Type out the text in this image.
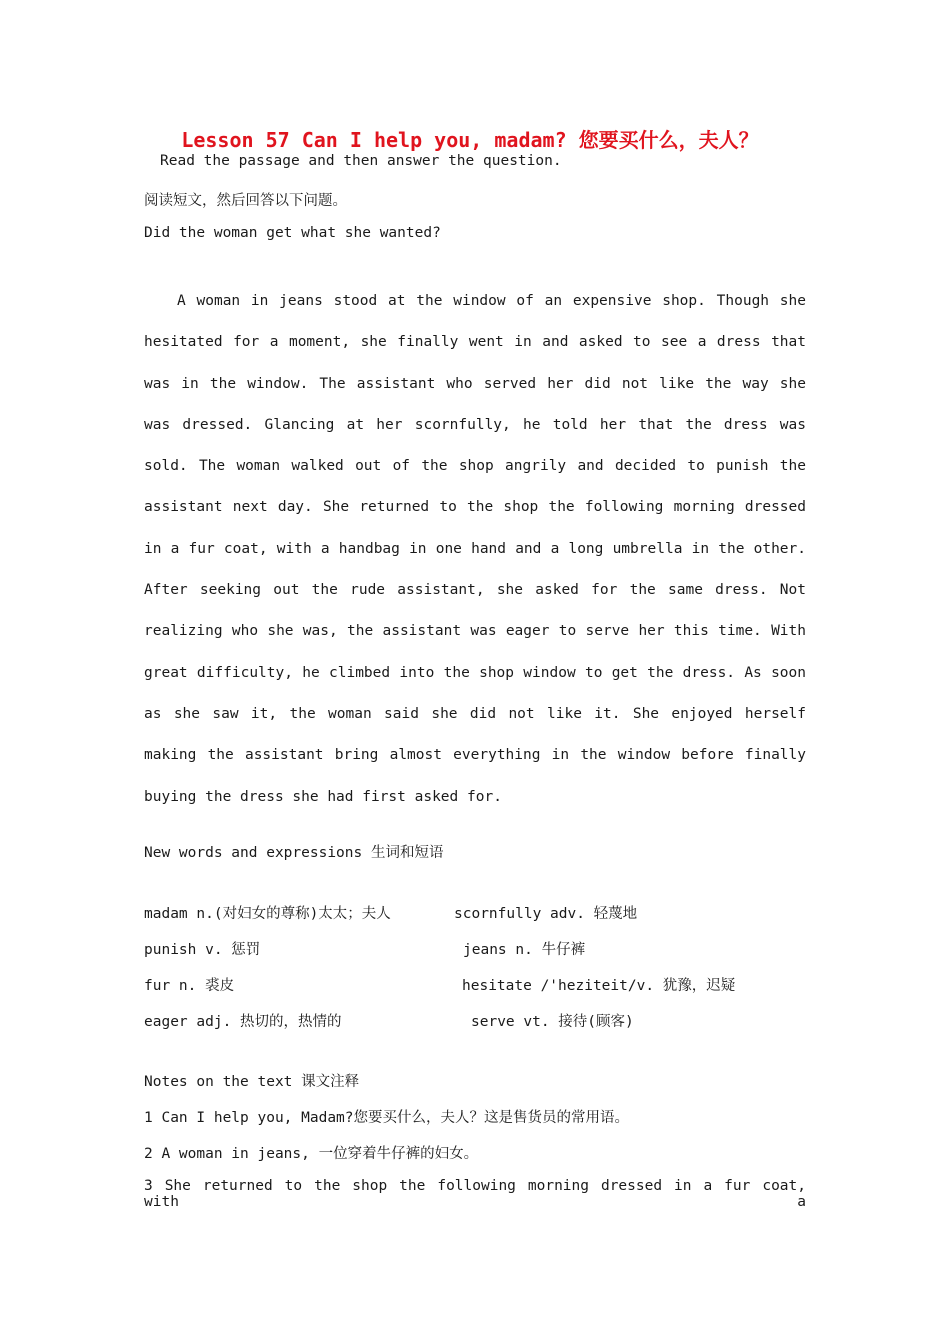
Lesson 57 Can I help you, madam? 您要买什么，夫人？

Read the passage and then answer the question.

阅读短文，然后回答以下问题。

Did the woman get what she wanted?

A woman in jeans stood at the window of an expensive shop. Though she hesitated for a moment, she finally went in and asked to see a dress that was in the window. The assistant who served her did not like the way she was dressed. Glancing at her scornfully, he told her that the dress was sold. The woman walked out of the shop angrily and decided to punish the assistant next day. She returned to the shop the following morning dressed in a fur coat, with a handbag in one hand and a long umbrella in the other. After seeking out the rude assistant, she asked for the same dress. Not realizing who she was, the assistant was eager to serve her this time. With great difficulty, he climbed into the shop window to get the dress. As soon as she saw it, the woman said she did not like it. She enjoyed herself making the assistant bring almost everything in the window before finally buying the dress she had first asked for.

New words and expressions 生词和短语

madam n.(对妇女的尊称)太太；夫人	scornfully adv. 轻蔑地
punish v. 惩罚	jeans n. 牛仔裤
fur n. 裘皮	hesitate /'heziteit/v. 犹豫，迟疑
eager adj. 热切的，热情的	serve vt. 接待(顾客)

Notes on the text 课文注释

1 Can I help you, Madam?您要买什么，夫人？这是售货员的常用语。

2 A woman in jeans, 一位穿着牛仔裤的妇女。

3 She returned to the shop the following morning dressed in a fur coat, with a
